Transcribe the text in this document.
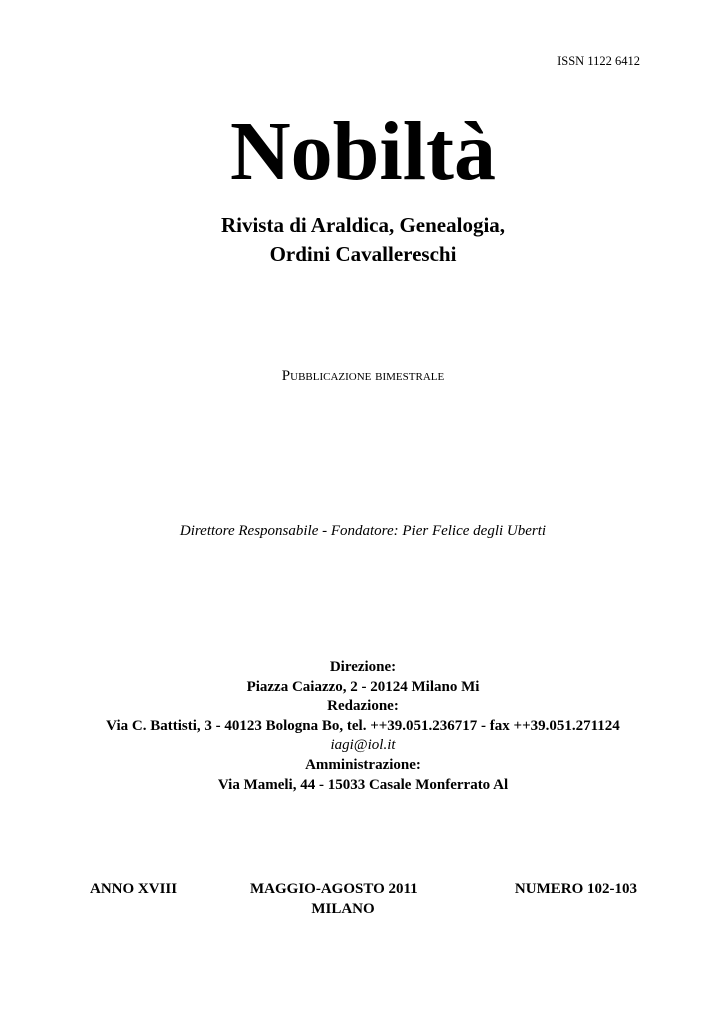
ISSN 1122 6412
Nobiltà
Rivista di Araldica, Genealogia,
Ordini Cavallereschi
Pubblicazione bimestrale
Direttore Responsabile - Fondatore: Pier Felice degli Uberti
Direzione:
Piazza Caiazzo, 2 - 20124 Milano Mi
Redazione:
Via C. Battisti, 3 - 40123 Bologna Bo, tel. ++39.051.236717 - fax ++39.051.271124
iagi@iol.it
Amministrazione:
Via Mameli, 44 - 15033 Casale Monferrato Al
ANNO XVIII	MAGGIO-AGOSTO 2011	NUMERO 102-103
MILANO
